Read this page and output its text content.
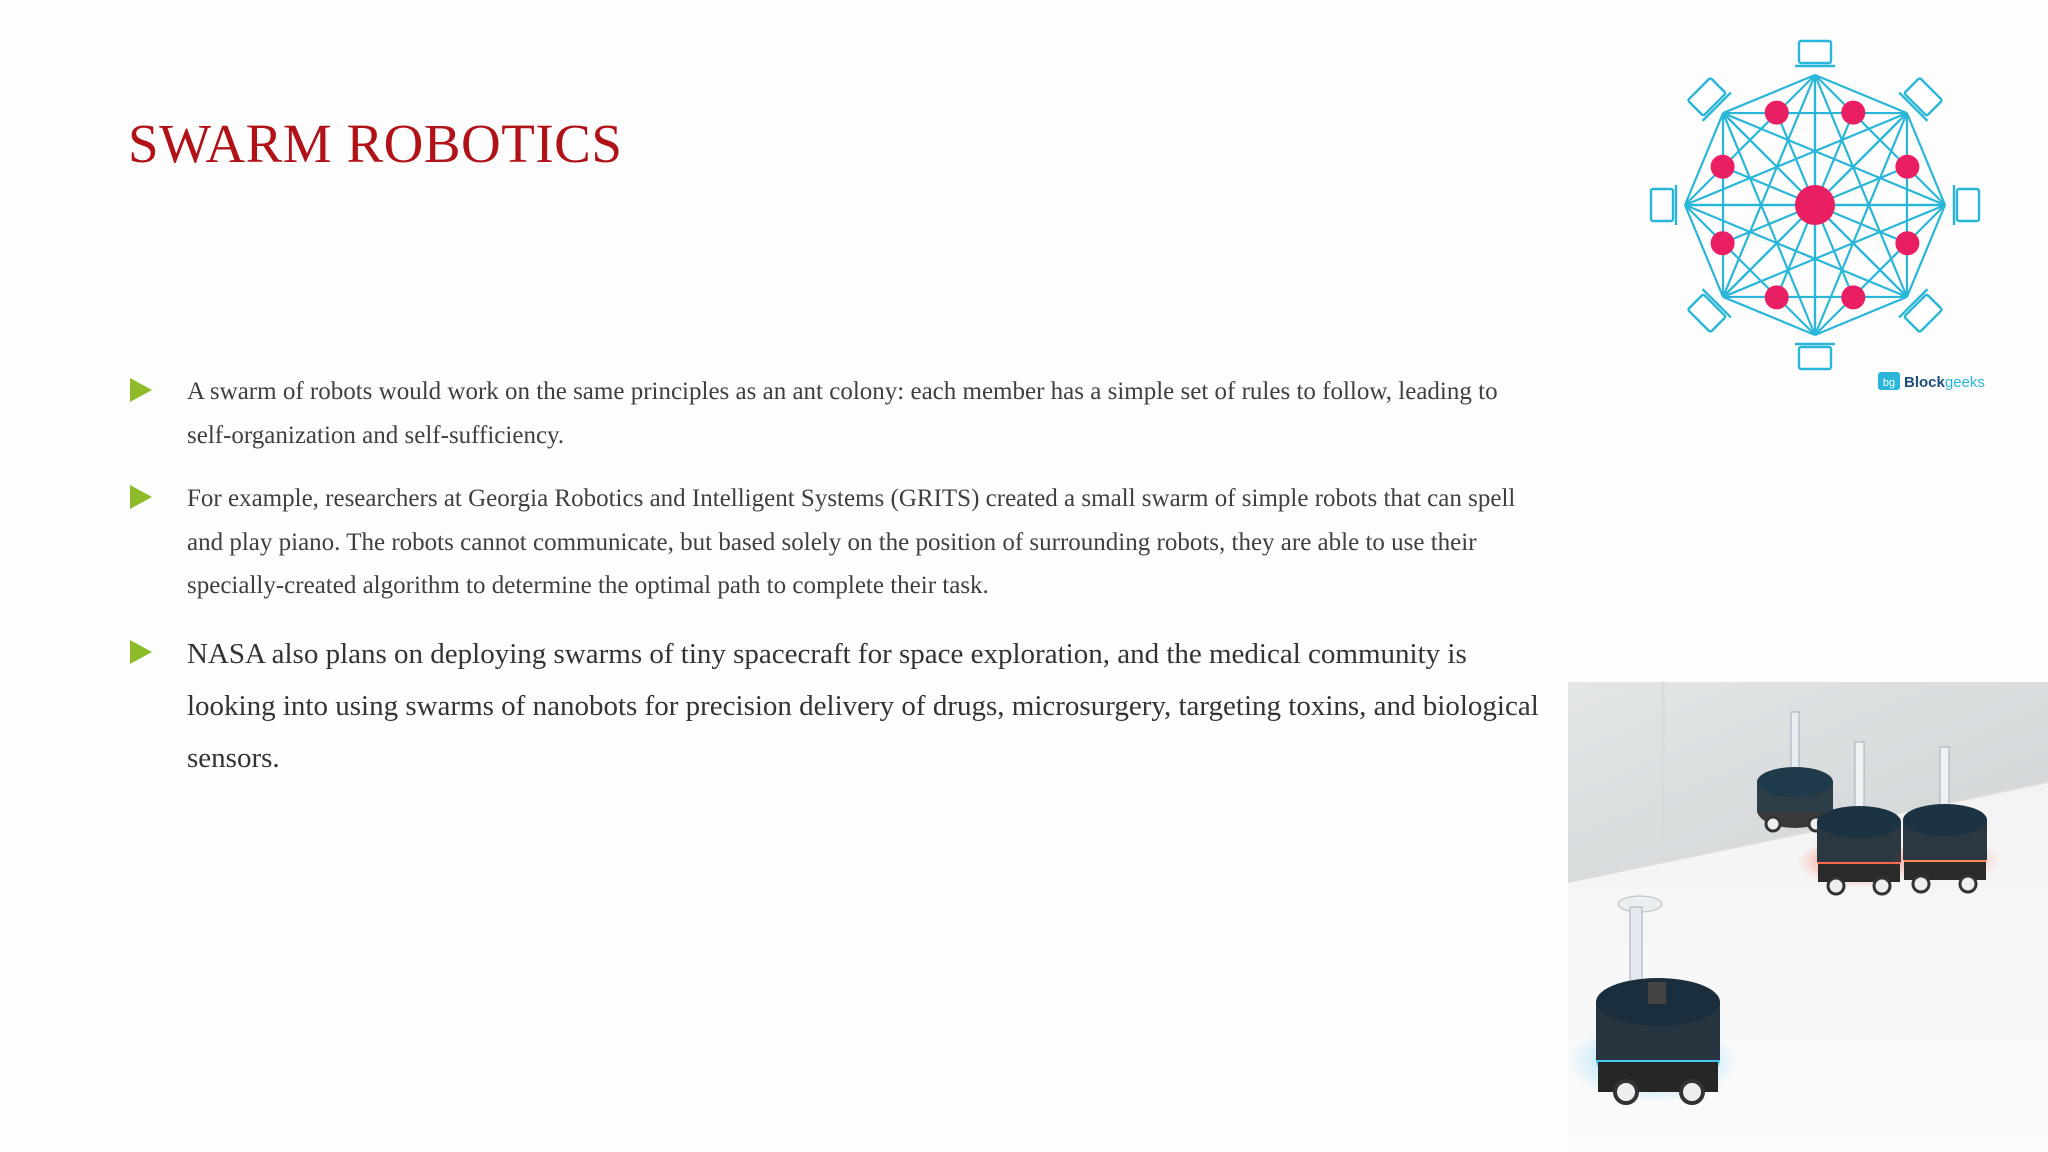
SWARM ROBOTICS
A swarm of robots would work on the same principles as an ant colony: each member has a simple set of rules to follow, leading to self-organization and self-sufficiency.
For example, researchers at Georgia Robotics and Intelligent Systems (GRITS) created a small swarm of simple robots that can spell and play piano. The robots cannot communicate, but based solely on the position of surrounding robots, they are able to use their specially-created algorithm to determine the optimal path to complete their task.
NASA also plans on deploying swarms of tiny spacecraft for space exploration, and the medical community is looking into using swarms of nanobots for precision delivery of drugs, microsurgery, targeting toxins, and biological sensors.
bg Blockgeeks
